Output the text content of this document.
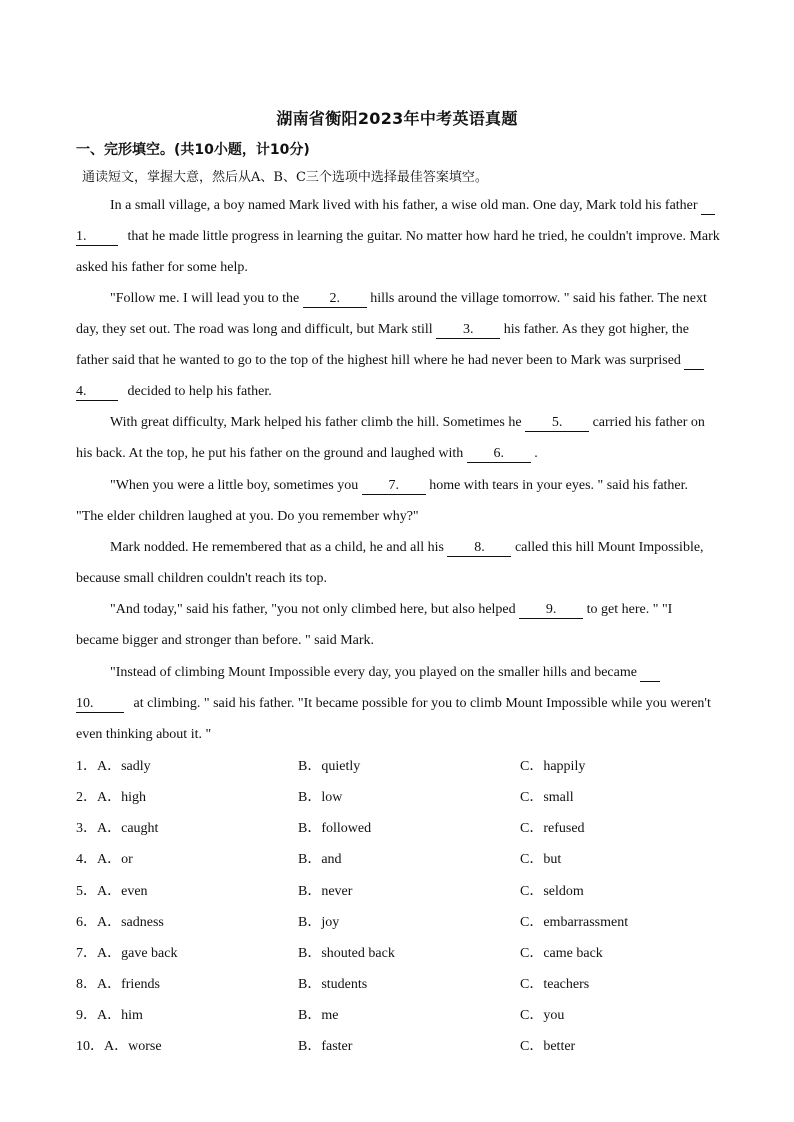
湖南省衡阳2023年中考英语真题
一、完形填空。(共10小题，计10分)
通读短文，掌握大意，然后从A、B、C三个选项中选择最佳答案填空。
In a small village, a boy named Mark lived with his father, a wise old man. One day, Mark told his father
1.	that he made little progress in learning the guitar. No matter how hard he tried, he couldn't improve. Mark
asked his father for some help.
"Follow me. I will lead you to the 2. hills around the village tomorrow. " said his father. The next
day, they set out. The road was long and difficult, but Mark still 3. his father. As they got higher, the
father said that he wanted to go to the top of the highest hill where he had never been to Mark was surprised
4.	decided to help his father.
With great difficulty, Mark helped his father climb the hill. Sometimes he 5. carried his father on
his back. At the top, he put his father on the ground and laughed with 6. .
"When you were a little boy, sometimes you 7. home with tears in your eyes. " said his father.
"The elder children laughed at you. Do you remember why?"
Mark nodded. He remembered that as a child, he and all his 8. called this hill Mount Impossible,
because small children couldn't reach its top.
"And today," said his father, "you not only climbed here, but also helped 9. to get here. " "I
became bigger and stronger than before. " said Mark.
"Instead of climbing Mount Impossible every day, you played on the smaller hills and became
10.	at climbing. " said his father. "It became possible for you to climb Mount Impossible while you weren't
even thinking about it. "
1． A．sadly	B．quietly	C．happily
2． A．high	B．low	C．small
3． A．caught	B．followed	C．refused
4． A．or	B．and	C．but
5． A．even	B．never	C．seldom
6． A．sadness	B．joy	C．embarrassment
7． A．gave back	B．shouted back	C．came back
8． A．friends	B．students	C．teachers
9． A．him	B．me	C．you
10． A．worse	B．faster	C．better
